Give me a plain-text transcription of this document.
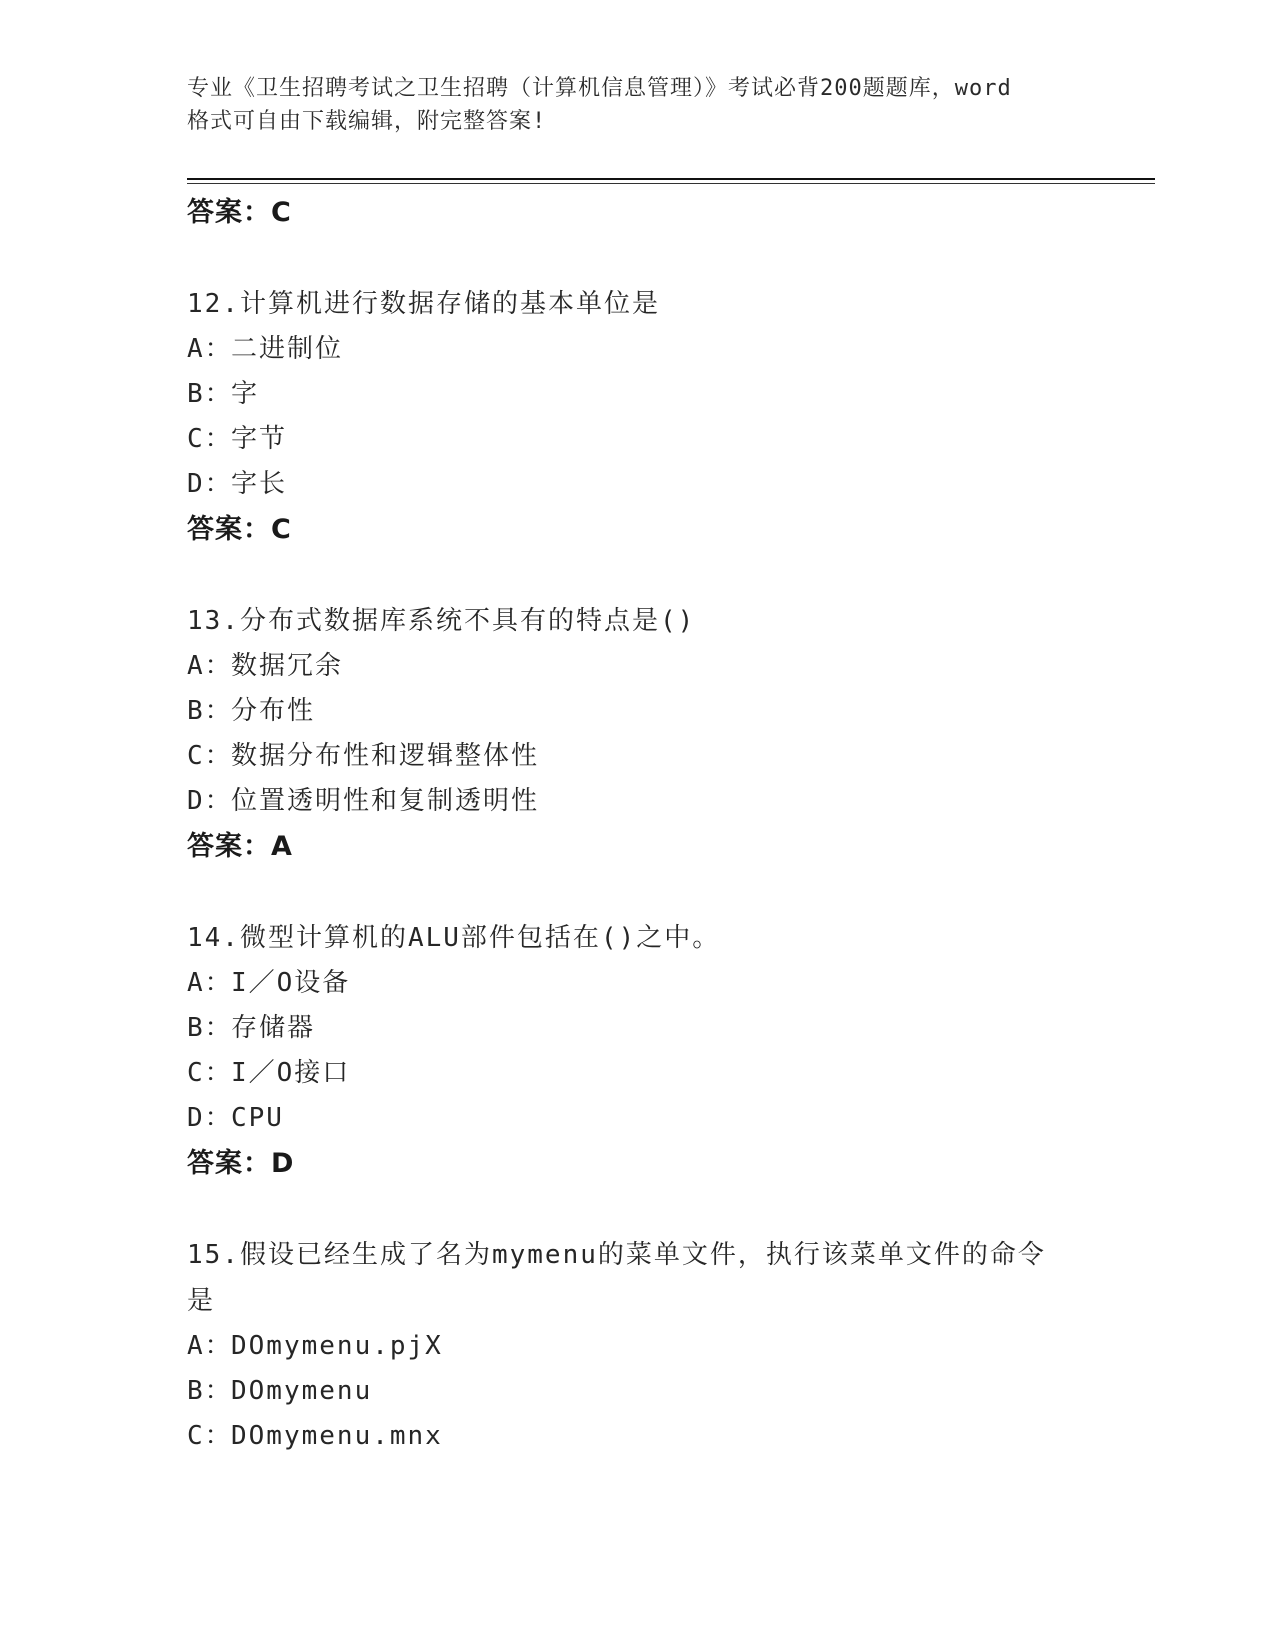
专业《卫生招聘考试之卫生招聘（计算机信息管理）》考试必背200题题库，word
格式可自由下载编辑，附完整答案!
答案：C
12.计算机进行数据存储的基本单位是
A：二进制位
B：字
C：字节
D：字长
答案：C
13.分布式数据库系统不具有的特点是()
A：数据冗余
B：分布性
C：数据分布性和逻辑整体性
D：位置透明性和复制透明性
答案：A
14.微型计算机的ALU部件包括在()之中。
A：I／O设备
B：存储器
C：I／O接口
D：CPU
答案：D
15.假设已经生成了名为mymenu的菜单文件，执行该菜单文件的命令
是
A：DOmymenu.pjX
B：DOmymenu
C：DOmymenu.mnx
